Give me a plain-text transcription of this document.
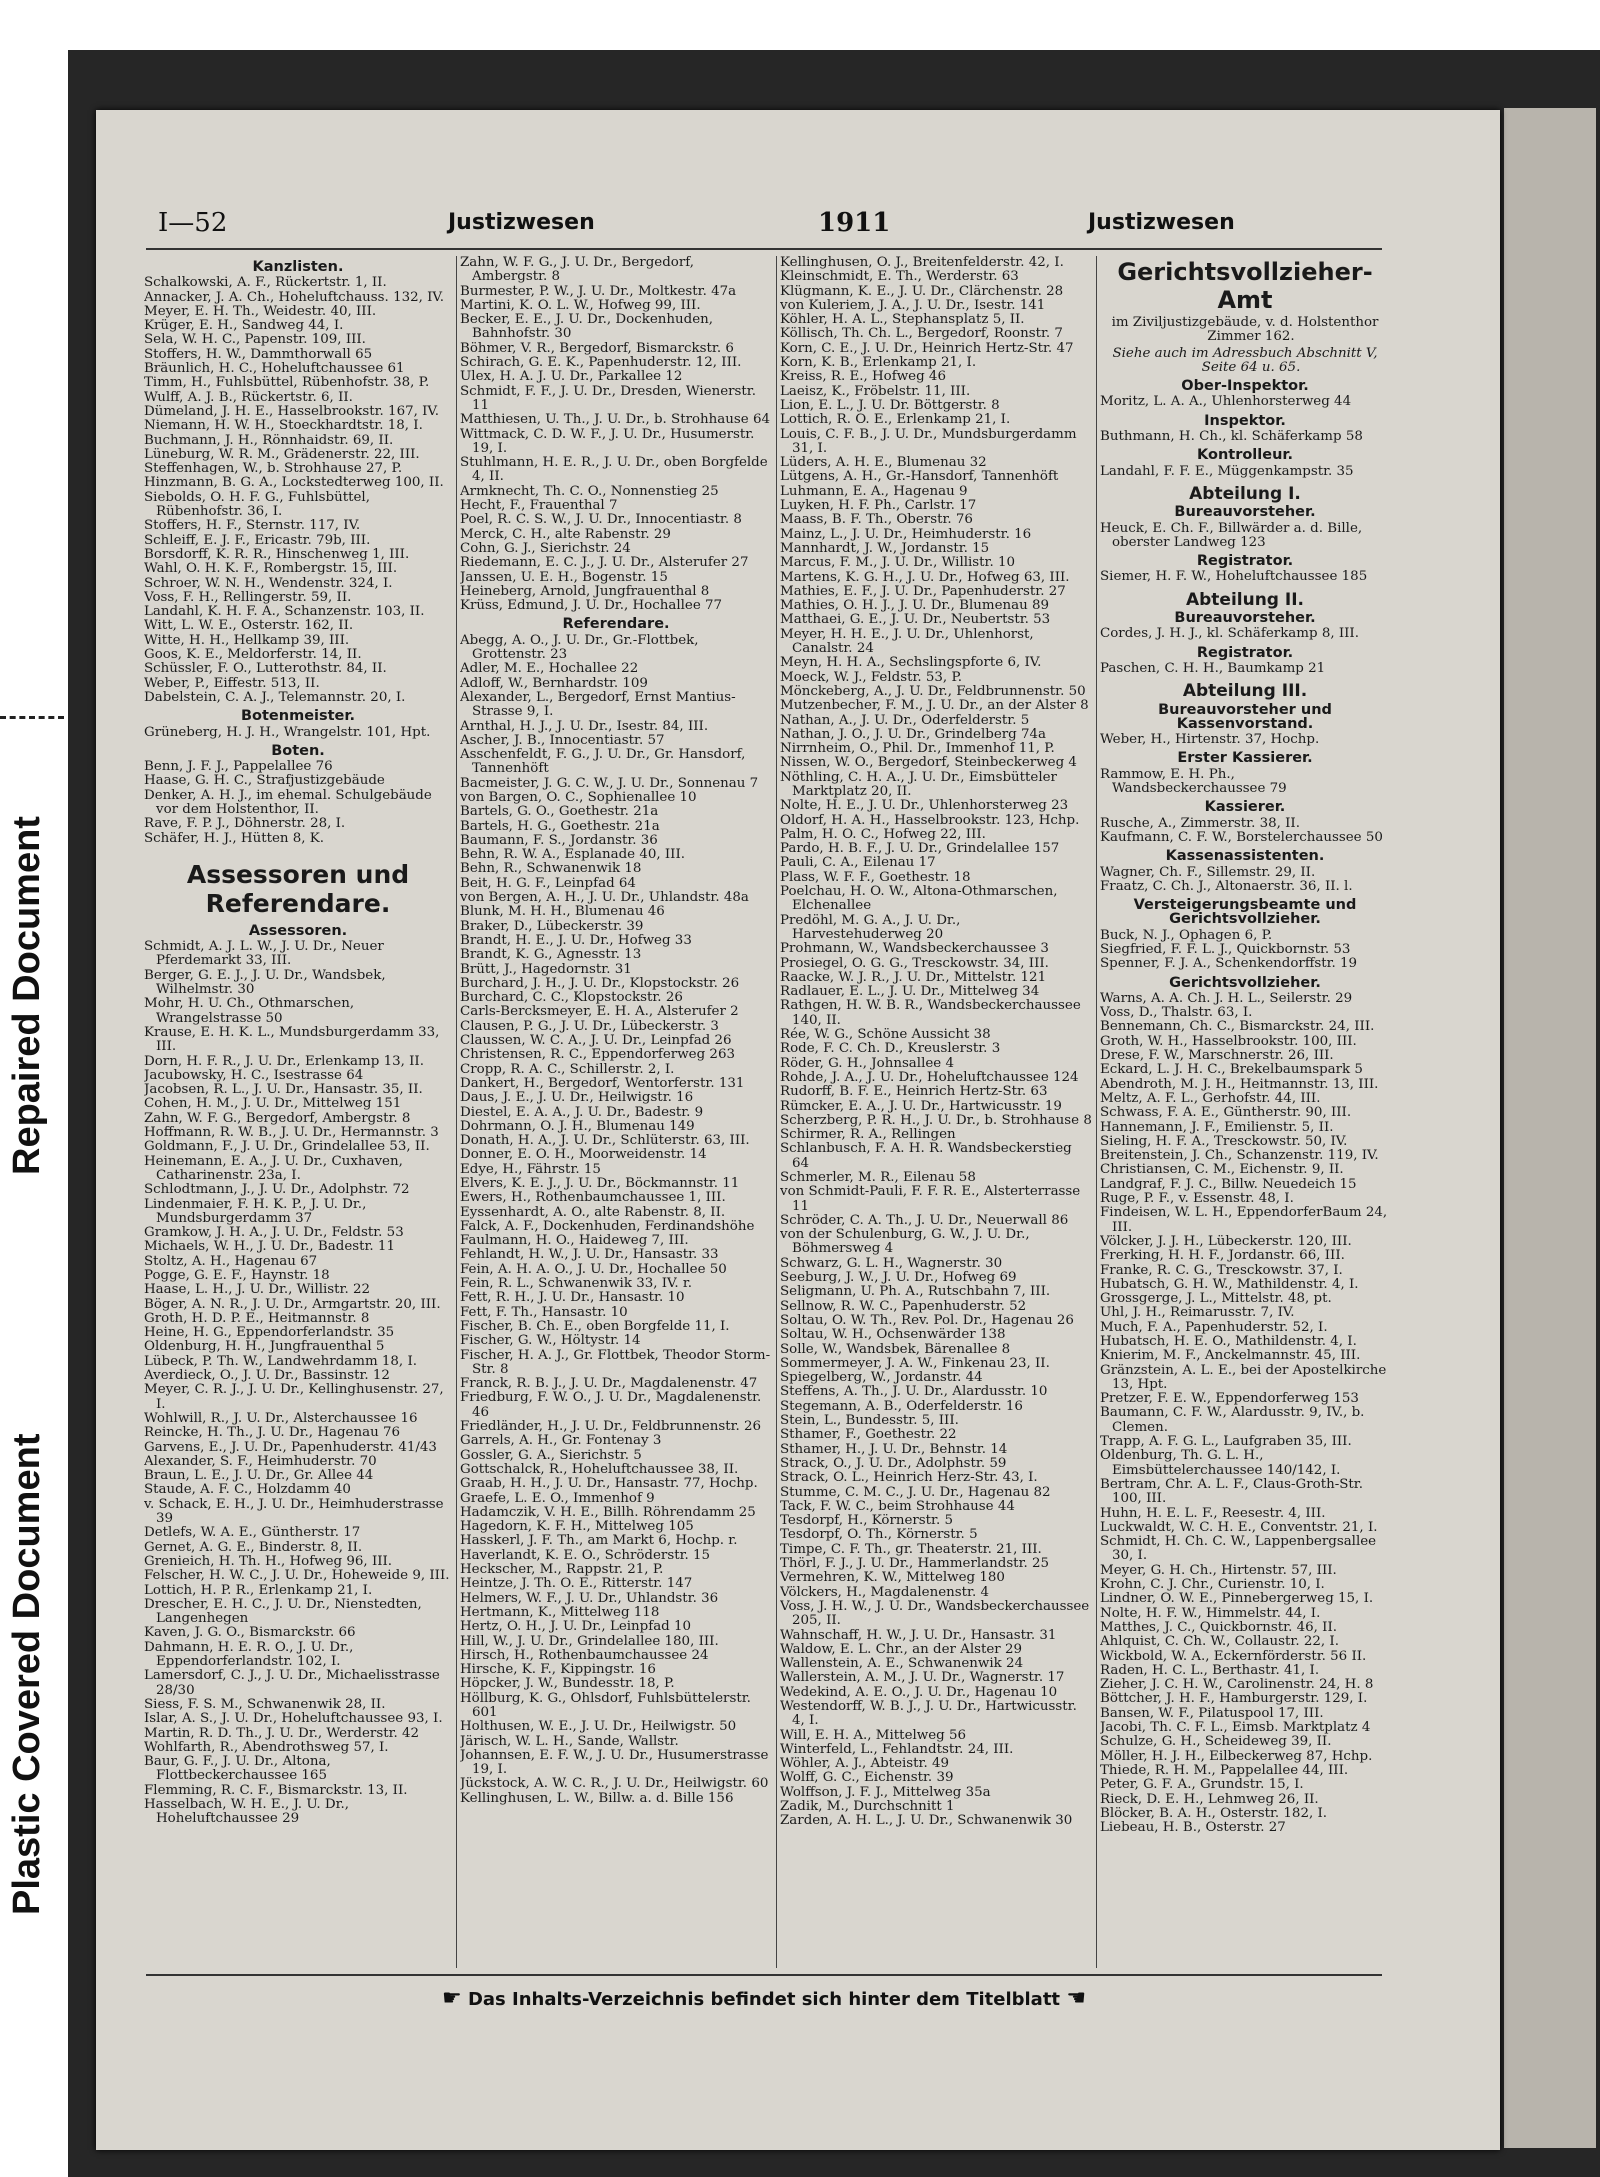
Repaired Document
Plastic Covered Document
I—52	Justizwesen	1911	Justizwesen
Kanzlisten.

Schalkowski, A. F., Rückertstr. 1, II.

Annacker, J. A. Ch., Hoheluftchauss. 132, IV.

Meyer, E. H. Th., Weidestr. 40, III.

Krüger, E. H., Sandweg 44, I.

Sela, W. H. C., Papenstr. 109, III.

Stoffers, H. W., Dammthorwall 65

Bräunlich, H. C., Hoheluftchaussee 61

Timm, H., Fuhlsbüttel, Rübenhofstr. 38, P.

Wulff, A. J. B., Rückertstr. 6, II.

Dümeland, J. H. E., Hasselbrookstr. 167, IV.

Niemann, H. W. H., Stoeckhardtstr. 18, I.

Buchmann, J. H., Rönnhaidstr. 69, II.

Lüneburg, W. R. M., Grädenerstr. 22, III.

Steffenhagen, W., b. Strohhause 27, P.

Hinzmann, B. G. A., Lockstedterweg 100, II.

Siebolds, O. H. F. G., Fuhlsbüttel, Rübenhofstr. 36, I.

Stoffers, H. F., Sternstr. 117, IV.

Schleiff, E. J. F., Ericastr. 79b, III.

Borsdorff, K. R. R., Hinschenweg 1, III.

Wahl, O. H. K. F., Rombergstr. 15, III.

Schroer, W. N. H., Wendenstr. 324, I.

Voss, F. H., Rellingerstr. 59, II.

Landahl, K. H. F. A., Schanzenstr. 103, II.

Witt, L. W. E., Osterstr. 162, II.

Witte, H. H., Hellkamp 39, III.

Goos, K. E., Meldorferstr. 14, II.

Schüssler, F. O., Lutterothstr. 84, II.

Weber, P., Eiffestr. 513, II.

Dabelstein, C. A. J., Telemannstr. 20, I.

Botenmeister.

Grüneberg, H. J. H., Wrangelstr. 101, Hpt.

Boten.

Benn, J. F. J., Pappelallee 76

Haase, G. H. C., Strafjustizgebäude

Denker, A. H. J., im ehemal. Schulgebäude vor dem Holstenthor, II.

Rave, F. P. J., Döhnerstr. 28, I.

Schäfer, H. J., Hütten 8, K.

Assessoren und Referendare.
Assessoren.

Schmidt, A. J. L. W., J. U. Dr., Neuer Pferdemarkt 33, III.

Berger, G. E. J., J. U. Dr., Wandsbek, Wilhelmstr. 30

Mohr, H. U. Ch., Othmarschen, Wrangelstrasse 50

Krause, E. H. K. L., Mundsburgerdamm 33, III.

Dorn, H. F. R., J. U. Dr., Erlenkamp 13, II.

Jacubowsky, H. C., Isestrasse 64

Jacobsen, R. L., J. U. Dr., Hansastr. 35, II.

Cohen, H. M., J. U. Dr., Mittelweg 151

Zahn, W. F. G., Bergedorf, Ambergstr. 8

Hoffmann, R. W. B., J. U. Dr., Hermannstr. 3

Goldmann, F., J. U. Dr., Grindelallee 53, II.

Heinemann, E. A., J. U. Dr., Cuxhaven, Catharinenstr. 23a, I.

Schlodtmann, J., J. U. Dr., Adolphstr. 72

Lindenmaier, F. H. K. P., J. U. Dr., Mundsburgerdamm 37

Gramkow, J. H. A., J. U. Dr., Feldstr. 53

Michaels, W. H., J. U. Dr., Badestr. 11

Stoltz, A. H., Hagenau 67

Pogge, G. E. F., Haynstr. 18

Haase, L. H., J. U. Dr., Willistr. 22

Böger, A. N. R., J. U. Dr., Armgartstr. 20, III.

Groth, H. D. P. E., Heitmannstr. 8

Heine, H. G., Eppendorferlandstr. 35

Oldenburg, H. H., Jungfrauenthal 5

Lübeck, P. Th. W., Landwehrdamm 18, I.

Averdieck, O., J. U. Dr., Bassinstr. 12

Meyer, C. R. J., J. U. Dr., Kellinghusenstr. 27, I.

Wohlwill, R., J. U. Dr., Alsterchaussee 16

Reincke, H. Th., J. U. Dr., Hagenau 76

Garvens, E., J. U. Dr., Papenhuderstr. 41/43

Alexander, S. F., Heimhuderstr. 70

Braun, L. E., J. U. Dr., Gr. Allee 44

Staude, A. F. C., Holzdamm 40

v. Schack, E. H., J. U. Dr., Heimhuderstrasse 39

Detlefs, W. A. E., Güntherstr. 17

Gernet, A. G. E., Binderstr. 8, II.

Grenieich, H. Th. H., Hofweg 96, III.

Felscher, H. W. C., J. U. Dr., Hoheweide 9, III.

Lottich, H. P. R., Erlenkamp 21, I.

Drescher, E. H. C., J. U. Dr., Nienstedten, Langenhegen

Kaven, J. G. O., Bismarckstr. 66

Dahmann, H. E. R. O., J. U. Dr., Eppendorferlandstr. 102, I.

Lamersdorf, C. J., J. U. Dr., Michaelisstrasse 28/30

Siess, F. S. M., Schwanenwik 28, II.

Islar, A. S., J. U. Dr., Hoheluftchaussee 93, I.

Martin, R. D. Th., J. U. Dr., Werderstr. 42

Wohlfarth, R., Abendrothsweg 57, I.

Baur, G. F., J. U. Dr., Altona, Flottbeckerchaussee 165

Flemming, R. C. F., Bismarckstr. 13, II.

Hasselbach, W. H. E., J. U. Dr., Hoheluftchaussee 29

Zahn, W. F. G., J. U. Dr., Bergedorf, Ambergstr. 8

Burmester, P. W., J. U. Dr., Moltkestr. 47a

Martini, K. O. L. W., Hofweg 99, III.

Becker, E. E., J. U. Dr., Dockenhuden, Bahnhofstr. 30

Böhmer, V. R., Bergedorf, Bismarckstr. 6

Schirach, G. E. K., Papenhuderstr. 12, III.

Ulex, H. A. J. U. Dr., Parkallee 12

Schmidt, F. F., J. U. Dr., Dresden, Wienerstr. 11

Matthiesen, U. Th., J. U. Dr., b. Strohhause 64

Wittmack, C. D. W. F., J. U. Dr., Husumerstr. 19, I.

Stuhlmann, H. E. R., J. U. Dr., oben Borgfelde 4, II.

Armknecht, Th. C. O., Nonnenstieg 25

Hecht, F., Frauenthal 7

Poel, R. C. S. W., J. U. Dr., Innocentiastr. 8

Merck, C. H., alte Rabenstr. 29

Cohn, G. J., Sierichstr. 24

Riedemann, E. C. J., J. U. Dr., Alsterufer 27

Janssen, U. E. H., Bogenstr. 15

Heineberg, Arnold, Jungfrauenthal 8

Krüss, Edmund, J. U. Dr., Hochallee 77

Referendare.

Abegg, A. O., J. U. Dr., Gr.-Flottbek, Grottenstr. 23

Adler, M. E., Hochallee 22

Adloff, W., Bernhardstr. 109

Alexander, L., Bergedorf, Ernst Mantius-Strasse 9, I.

Arnthal, H. J., J. U. Dr., Isestr. 84, III.

Ascher, J. B., Innocentiastr. 57

Asschenfeldt, F. G., J. U. Dr., Gr. Hansdorf, Tannenhöft

Bacmeister, J. G. C. W., J. U. Dr., Sonnenau 7

von Bargen, O. C., Sophienallee 10

Bartels, G. O., Goethestr. 21a

Bartels, H. G., Goethestr. 21a

Baumann, F. S., Jordanstr. 36

Behn, R. W. A., Esplanade 40, III.

Behn, R., Schwanenwik 18

Beit, H. G. F., Leinpfad 64

von Bergen, A. H., J. U. Dr., Uhlandstr. 48a

Blunk, M. H. H., Blumenau 46

Braker, D., Lübeckerstr. 39

Brandt, H. E., J. U. Dr., Hofweg 33

Brandt, K. G., Agnesstr. 13

Brütt, J., Hagedornstr. 31

Burchard, J. H., J. U. Dr., Klopstockstr. 26

Burchard, C. C., Klopstockstr. 26

Carls-Bercksmeyer, E. H. A., Alsterufer 2

Clausen, P. G., J. U. Dr., Lübeckerstr. 3

Claussen, W. C. A., J. U. Dr., Leinpfad 26

Christensen, R. C., Eppendorferweg 263

Cropp, R. A. C., Schillerstr. 2, I.

Dankert, H., Bergedorf, Wentorferstr. 131

Daus, J. E., J. U. Dr., Heilwigstr. 16

Diestel, E. A. A., J. U. Dr., Badestr. 9

Dohrmann, O. J. H., Blumenau 149

Donath, H. A., J. U. Dr., Schlüterstr. 63, III.

Donner, E. O. H., Moorweidenstr. 14

Edye, H., Fährstr. 15

Elvers, K. E. J., J. U. Dr., Böckmannstr. 11

Ewers, H., Rothenbaumchaussee 1, III.

Eyssenhardt, A. O., alte Rabenstr. 8, II.

Falck, A. F., Dockenhuden, Ferdinandshöhe

Faulmann, H. O., Haideweg 7, III.

Fehlandt, H. W., J. U. Dr., Hansastr. 33

Fein, A. H. A. O., J. U. Dr., Hochallee 50

Fein, R. L., Schwanenwik 33, IV. r.

Fett, R. H., J. U. Dr., Hansastr. 10

Fett, F. Th., Hansastr. 10

Fischer, B. Ch. E., oben Borgfelde 11, I.

Fischer, G. W., Höltystr. 14

Fischer, H. A. J., Gr. Flottbek, Theodor Storm-Str. 8

Franck, R. B. J., J. U. Dr., Magdalenenstr. 47

Friedburg, F. W. O., J. U. Dr., Magdalenenstr. 46

Friedländer, H., J. U. Dr., Feldbrunnenstr. 26

Garrels, A. H., Gr. Fontenay 3

Gossler, G. A., Sierichstr. 5

Gottschalck, R., Hoheluftchaussee 38, II.

Graab, H. H., J. U. Dr., Hansastr. 77, Hochp.

Graefe, L. E. O., Immenhof 9

Hadamczik, V. H. E., Billh. Röhrendamm 25

Hagedorn, K. F. H., Mittelweg 105

Hasskerl, J. F. Th., am Markt 6, Hochp. r.

Haverlandt, K. E. O., Schröderstr. 15

Heckscher, M., Rappstr. 21, P.

Heintze, J. Th. O. E., Ritterstr. 147

Helmers, W. F., J. U. Dr., Uhlandstr. 36

Hertmann, K., Mittelweg 118

Hertz, O. H., J. U. Dr., Leinpfad 10

Hill, W., J. U. Dr., Grindelallee 180, III.

Hirsch, H., Rothenbaumchaussee 24

Hirsche, K. F., Kippingstr. 16

Höpcker, J. W., Bundesstr. 18, P.

Höllburg, K. G., Ohlsdorf, Fuhlsbüttelerstr. 601

Holthusen, W. E., J. U. Dr., Heilwigstr. 50

Järisch, W. L. H., Sande, Wallstr.

Johannsen, E. F. W., J. U. Dr., Husumerstrasse 19, I.

Jückstock, A. W. C. R., J. U. Dr., Heilwigstr. 60

Kellinghusen, L. W., Billw. a. d. Bille 156

Kellinghusen, O. J., Breitenfelderstr. 42, I.

Kleinschmidt, E. Th., Werderstr. 63

Klügmann, K. E., J. U. Dr., Clärchenstr. 28

von Kuleriem, J. A., J. U. Dr., Isestr. 141

Köhler, H. A. L., Stephansplatz 5, II.

Köllisch, Th. Ch. L., Bergedorf, Roonstr. 7

Korn, C. E., J. U. Dr., Heinrich Hertz-Str. 47

Korn, K. B., Erlenkamp 21, I.

Kreiss, R. E., Hofweg 46

Laeisz, K., Fröbelstr. 11, III.

Lion, E. L., J. U. Dr. Böttgerstr. 8

Lottich, R. O. E., Erlenkamp 21, I.

Louis, C. F. B., J. U. Dr., Mundsburgerdamm 31, I.

Lüders, A. H. E., Blumenau 32

Lütgens, A. H., Gr.-Hansdorf, Tannenhöft

Luhmann, E. A., Hagenau 9

Luyken, H. F. Ph., Carlstr. 17

Maass, B. F. Th., Oberstr. 76

Mainz, L., J. U. Dr., Heimhuderstr. 16

Mannhardt, J. W., Jordanstr. 15

Marcus, F. M., J. U. Dr., Willistr. 10

Martens, K. G. H., J. U. Dr., Hofweg 63, III.

Mathies, E. F., J. U. Dr., Papenhuderstr. 27

Mathies, O. H. J., J. U. Dr., Blumenau 89

Matthaei, G. E., J. U. Dr., Neubertstr. 53

Meyer, H. H. E., J. U. Dr., Uhlenhorst, Canalstr. 24

Meyn, H. H. A., Sechslingspforte 6, IV.

Moeck, W. J., Feldstr. 53, P.

Mönckeberg, A., J. U. Dr., Feldbrunnenstr. 50

Mutzenbecher, F. M., J. U. Dr., an der Alster 8

Nathan, A., J. U. Dr., Oderfelderstr. 5

Nathan, J. O., J. U. Dr., Grindelberg 74a

Nirrnheim, O., Phil. Dr., Immenhof 11, P.

Nissen, W. O., Bergedorf, Steinbeckerweg 4

Nöthling, C. H. A., J. U. Dr., Eimsbütteler Marktplatz 20, II.

Nolte, H. E., J. U. Dr., Uhlenhorsterweg 23

Oldorf, H. A. H., Hasselbrookstr. 123, Hchp.

Palm, H. O. C., Hofweg 22, III.

Pardo, H. B. F., J. U. Dr., Grindelallee 157

Pauli, C. A., Eilenau 17

Plass, W. F. F., Goethestr. 18

Poelchau, H. O. W., Altona-Othmarschen, Elchenallee

Predöhl, M. G. A., J. U. Dr., Harvestehuderweg 20

Prohmann, W., Wandsbeckerchaussee 3

Prosiegel, O. G. G., Tresckowstr. 34, III.

Raacke, W. J. R., J. U. Dr., Mittelstr. 121

Radlauer, E. L., J. U. Dr., Mittelweg 34

Rathgen, H. W. B. R., Wandsbeckerchaussee 140, II.

Rée, W. G., Schöne Aussicht 38

Rode, F. C. Ch. D., Kreuslerstr. 3

Röder, G. H., Johnsallee 4

Rohde, J. A., J. U. Dr., Hoheluftchaussee 124

Rudorff, B. F. E., Heinrich Hertz-Str. 63

Rümcker, E. A., J. U. Dr., Hartwicusstr. 19

Scherzberg, P. R. H., J. U. Dr., b. Strohhause 8

Schirmer, R. A., Rellingen

Schlanbusch, F. A. H. R. Wandsbeckerstieg 64

Schmerler, M. R., Eilenau 58

von Schmidt-Pauli, F. F. R. E., Alsterterrasse 11

Schröder, C. A. Th., J. U. Dr., Neuerwall 86

von der Schulenburg, G. W., J. U. Dr., Böhmersweg 4

Schwarz, G. L. H., Wagnerstr. 30

Seeburg, J. W., J. U. Dr., Hofweg 69

Seligmann, U. Ph. A., Rutschbahn 7, III.

Sellnow, R. W. C., Papenhuderstr. 52

Soltau, O. W. Th., Rev. Pol. Dr., Hagenau 26

Soltau, W. H., Ochsenwärder 138

Solle, W., Wandsbek, Bärenallee 8

Sommermeyer, J. A. W., Finkenau 23, II.

Spiegelberg, W., Jordanstr. 44

Steffens, A. Th., J. U. Dr., Alardusstr. 10

Stegemann, A. B., Oderfelderstr. 16

Stein, L., Bundesstr. 5, III.

Sthamer, F., Goethestr. 22

Sthamer, H., J. U. Dr., Behnstr. 14

Strack, O., J. U. Dr., Adolphstr. 59

Strack, O. L., Heinrich Herz-Str. 43, I.

Stumme, C. M. C., J. U. Dr., Hagenau 82

Tack, F. W. C., beim Strohhause 44

Tesdorpf, H., Körnerstr. 5

Tesdorpf, O. Th., Körnerstr. 5

Timpe, C. F. Th., gr. Theaterstr. 21, III.

Thörl, F. J., J. U. Dr., Hammerlandstr. 25

Vermehren, K. W., Mittelweg 180

Völckers, H., Magdalenenstr. 4

Voss, J. H. W., J. U. Dr., Wandsbeckerchaussee 205, II.

Wahnschaff, H. W., J. U. Dr., Hansastr. 31

Waldow, E. L. Chr., an der Alster 29

Wallenstein, A. E., Schwanenwik 24

Wallerstein, A. M., J. U. Dr., Wagnerstr. 17

Wedekind, A. E. O., J. U. Dr., Hagenau 10

Westendorff, W. B. J., J. U. Dr., Hartwicusstr. 4, I.

Will, E. H. A., Mittelweg 56

Winterfeld, L., Fehlandtstr. 24, III.

Wöhler, A. J., Abteistr. 49

Wolff, G. C., Eichenstr. 39

Wolffson, J. F. J., Mittelweg 35a

Zadik, M., Durchschnitt 1

Zarden, A. H. L., J. U. Dr., Schwanenwik 30

Gerichtsvollzieher-Amt

im Ziviljustizgebäude, v. d. Holstenthor Zimmer 162.

Siehe auch im Adressbuch Abschnitt V, Seite 64 u. 65.

Ober-Inspektor.

Moritz, L. A. A., Uhlenhorsterweg 44

Inspektor.

Buthmann, H. Ch., kl. Schäferkamp 58

Kontrolleur.

Landahl, F. F. E., Müggenkampstr. 35

Abteilung I.
Bureauvorsteher.

Heuck, E. Ch. F., Billwärder a. d. Bille, oberster Landweg 123

Registrator.

Siemer, H. F. W., Hoheluftchaussee 185

Abteilung II.
Bureauvorsteher.

Cordes, J. H. J., kl. Schäferkamp 8, III.

Registrator.

Paschen, C. H. H., Baumkamp 21

Abteilung III.
Bureauvorsteher und Kassenvorstand.

Weber, H., Hirtenstr. 37, Hochp.

Erster Kassierer.

Rammow, E. H. Ph., Wandsbeckerchaussee 79

Kassierer.

Rusche, A., Zimmerstr. 38, II.

Kaufmann, C. F. W., Borstelerchaussee 50

Kassenassistenten.

Wagner, Ch. F., Sillemstr. 29, II.

Fraatz, C. Ch. J., Altonaerstr. 36, II. l.

Versteigerungsbeamte und Gerichtsvollzieher.

Buck, N. J., Ophagen 6, P.

Siegfried, F. F. L. J., Quickbornstr. 53

Spenner, F. J. A., Schenkendorffstr. 19

Gerichtsvollzieher.

Warns, A. A. Ch. J. H. L., Seilerstr. 29

Voss, D., Thalstr. 63, I.

Bennemann, Ch. C., Bismarckstr. 24, III.

Groth, W. H., Hasselbrookstr. 100, III.

Drese, F. W., Marschnerstr. 26, III.

Eckard, L. J. H. C., Brekelbaumspark 5

Abendroth, M. J. H., Heitmannstr. 13, III.

Meltz, A. F. L., Gerhofstr. 44, III.

Schwass, F. A. E., Güntherstr. 90, III.

Hannemann, J. F., Emilienstr. 5, II.

Sieling, H. F. A., Tresckowstr. 50, IV.

Breitenstein, J. Ch., Schanzenstr. 119, IV.

Christiansen, C. M., Eichenstr. 9, II.

Landgraf, F. J. C., Billw. Neuedeich 15

Ruge, P. F., v. Essenstr. 48, I.

Findeisen, W. L. H., EppendorferBaum 24, III.

Völcker, J. J. H., Lübeckerstr. 120, III.

Frerking, H. H. F., Jordanstr. 66, III.

Franke, R. C. G., Tresckowstr. 37, I.

Hubatsch, G. H. W., Mathildenstr. 4, I.

Grossgerge, J. L., Mittelstr. 48, pt.

Uhl, J. H., Reimarusstr. 7, IV.

Much, F. A., Papenhuderstr. 52, I.

Hubatsch, H. E. O., Mathildenstr. 4, I.

Knierim, M. F., Anckelmannstr. 45, III.

Gränzstein, A. L. E., bei der Apostelkirche 13, Hpt.

Pretzer, F. E. W., Eppendorferweg 153

Baumann, C. F. W., Alardusstr. 9, IV., b. Clemen.

Trapp, A. F. G. L., Laufgraben 35, III.

Oldenburg, Th. G. L. H., Eimsbüttelerchaussee 140/142, I.

Bertram, Chr. A. L. F., Claus-Groth-Str. 100, III.

Huhn, H. E. L. F., Reesestr. 4, III.

Luckwaldt, W. C. H. E., Conventstr. 21, I.

Schmidt, H. Ch. C. W., Lappenbergsallee 30, I.

Meyer, G. H. Ch., Hirtenstr. 57, III.

Krohn, C. J. Chr., Curienstr. 10, I.

Lindner, O. W. E., Pinnebergerweg 15, I.

Nolte, H. F. W., Himmelstr. 44, I.

Matthes, J. C., Quickbornstr. 46, II.

Ahlquist, C. Ch. W., Collaustr. 22, I.

Wickbold, W. A., Eckernförderstr. 56 II.

Raden, H. C. L., Berthastr. 41, I.

Zieher, J. C. H. W., Carolinenstr. 24, H. 8

Böttcher, J. H. F., Hamburgerstr. 129, I.

Bansen, W. F., Pilatuspool 17, III.

Jacobi, Th. C. F. L., Eimsb. Marktplatz 4

Schulze, G. H., Scheideweg 39, II.

Möller, H. J. H., Eilbeckerweg 87, Hchp.

Thiede, R. H. M., Pappelallee 44, III.

Peter, G. F. A., Grundstr. 15, I.

Rieck, D. E. H., Lehmweg 26, II.

Blöcker, B. A. H., Osterstr. 182, I.

Liebeau, H. B., Osterstr. 27

☛ Das Inhalts-Verzeichnis befindet sich hinter dem Titelblatt ☚
